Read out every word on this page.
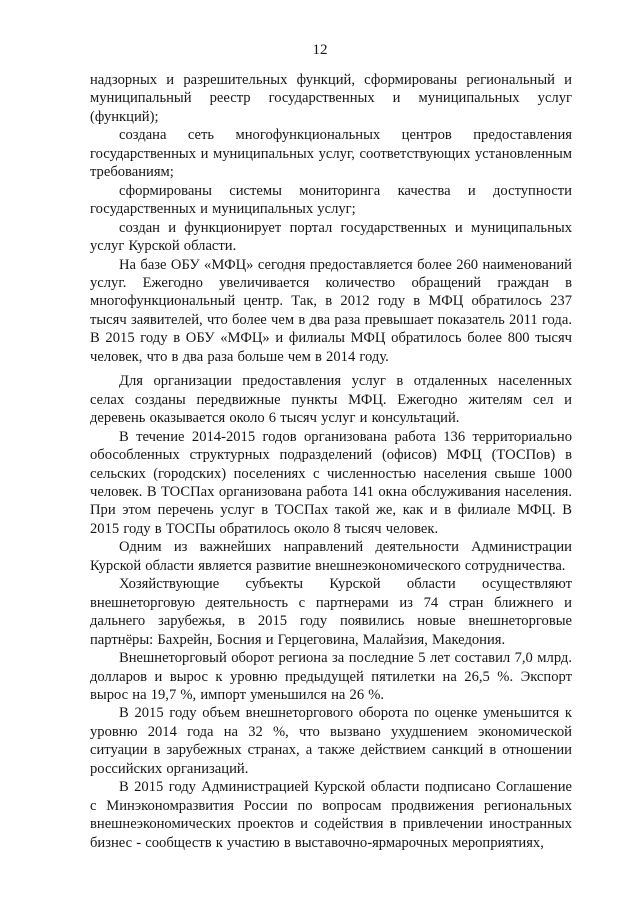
12

надзорных и разрешительных функций, сформированы региональный и муниципальный реестр государственных и муниципальных услуг (функций);

создана сеть многофункциональных центров предоставления государственных и муниципальных услуг, соответствующих установленным требованиям;

сформированы системы мониторинга качества и доступности государственных и муниципальных услуг;

создан и функционирует портал государственных и муниципальных услуг Курской области.

На базе ОБУ «МФЦ» сегодня предоставляется более 260 наименований услуг. Ежегодно увеличивается количество обращений граждан в многофункциональный центр. Так, в 2012 году в МФЦ обратилось 237 тысяч заявителей, что более чем в два раза превышает показатель 2011 года. В 2015 году в ОБУ «МФЦ» и филиалы МФЦ обратилось более 800 тысяч человек, что в два раза больше чем в 2014 году.

Для организации предоставления услуг в отдаленных населенных селах созданы передвижные пункты МФЦ. Ежегодно жителям сел и деревень оказывается около 6 тысяч услуг и консультаций.

В течение 2014-2015 годов организована работа 136 территориально обособленных структурных подразделений (офисов) МФЦ (ТОСПов) в сельских (городских) поселениях с численностью населения свыше 1000 человек. В ТОСПах организована работа 141 окна обслуживания населения. При этом перечень услуг в ТОСПах такой же, как и в филиале МФЦ. В 2015 году в ТОСПы обратилось около 8 тысяч человек.

Одним из важнейших направлений деятельности Администрации Курской области является развитие внешнеэкономического сотрудничества.

Хозяйствующие субъекты Курской области осуществляют внешнеторговую деятельность с партнерами из 74 стран ближнего и дальнего зарубежья, в 2015 году появились новые внешнеторговые партнёры: Бахрейн, Босния и Герцеговина, Малайзия, Македония.

Внешнеторговый оборот региона за последние 5 лет составил 7,0 млрд. долларов и вырос к уровню предыдущей пятилетки на 26,5 %. Экспорт вырос на 19,7 %, импорт уменьшился на 26 %.

В 2015 году объем внешнеторгового оборота по оценке уменьшится к уровню 2014 года на 32 %, что вызвано ухудшением экономической ситуации в зарубежных странах, а также действием санкций в отношении российских организаций.

В 2015 году Администрацией Курской области подписано Соглашение с Минэкономразвития России по вопросам продвижения региональных внешнеэкономических проектов и содействия в привлечении иностранных бизнес - сообществ к участию в выставочно-ярмарочных мероприятиях,
